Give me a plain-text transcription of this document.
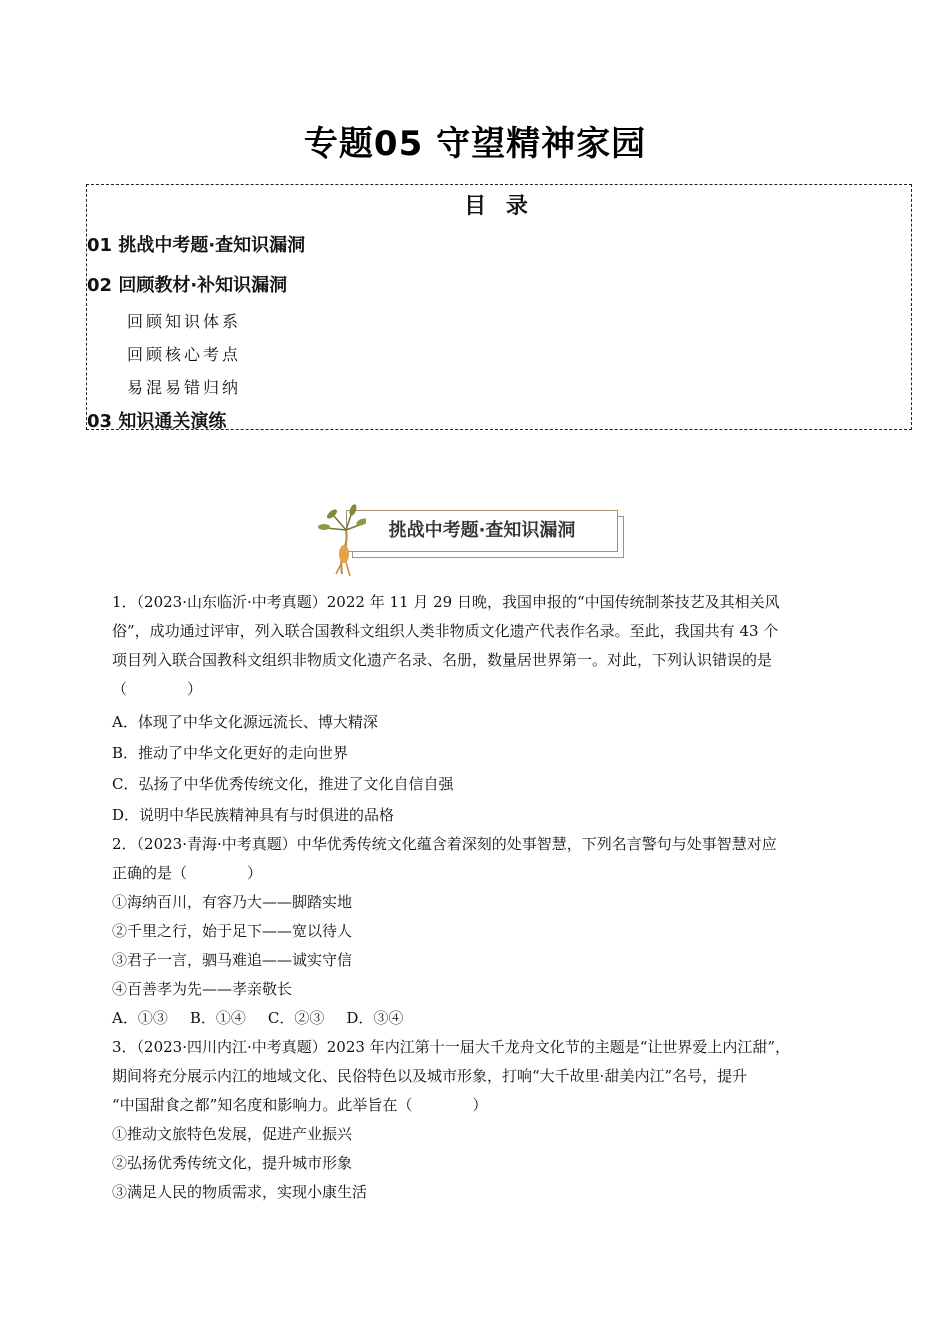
专题05 守望精神家园
目 录
01 挑战中考题·查知识漏洞
02 回顾教材·补知识漏洞
回顾知识体系
回顾核心考点
易混易错归纳
03 知识通关演练
挑战中考题·查知识漏洞
1．（2023·山东临沂·中考真题）2022 年 11 月 29 日晚，我国申报的“中国传统制茶技艺及其相关风
俗”，成功通过评审，列入联合国教科文组织人类非物质文化遗产代表作名录。至此，我国共有 43 个
项目列入联合国教科文组织非物质文化遗产名录、名册，数量居世界第一。对此，下列认识错误的是
（　　　　）
A．体现了中华文化源远流长、博大精深
B．推动了中华文化更好的走向世界
C．弘扬了中华优秀传统文化，推进了文化自信自强
D．说明中华民族精神具有与时俱进的品格
2．（2023·青海·中考真题）中华优秀传统文化蕴含着深刻的处事智慧，下列名言警句与处事智慧对应
正确的是（　　　　）
①海纳百川，有容乃大——脚踏实地
②千里之行，始于足下——宽以待人
③君子一言，驷马难追——诚实守信
④百善孝为先——孝亲敬长
A．①③ B．①④ C．②③ D．③④
3．（2023·四川内江·中考真题）2023 年内江第十一届大千龙舟文化节的主题是“让世界爱上内江甜”，
期间将充分展示内江的地域文化、民俗特色以及城市形象，打响“大千故里·甜美内江”名号，提升
“中国甜食之都”知名度和影响力。此举旨在（　　　　）
①推动文旅特色发展，促进产业振兴
②弘扬优秀传统文化，提升城市形象
③满足人民的物质需求，实现小康生活
